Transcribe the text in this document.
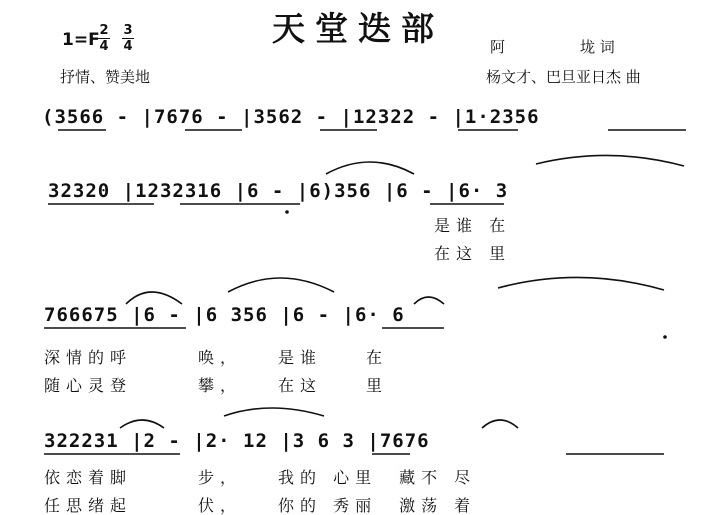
1=F 2
4
3
4	天堂迭部	阿　　　　　垅 词
抒情、赞美地	杨文才、巴旦亚日杰 曲
(3566 - |7676 - |3562 - |12322 - |1·2356
32320 |1232316 |6 - |6)356 |6 - |6· 3
是谁 在
在这 里
766675 |6 - |6 356 |6 - |6· 6
深情的呼　　　唤，　　是谁　　在
随心灵登　　　攀，　　在这　　里
322231 |2 - |2· 12 |3 6 3 |7676
依恋着脚　　　步，　　我的 心里　藏不 尽
任思绪起　　　伏，　　你的 秀丽　激荡 着
